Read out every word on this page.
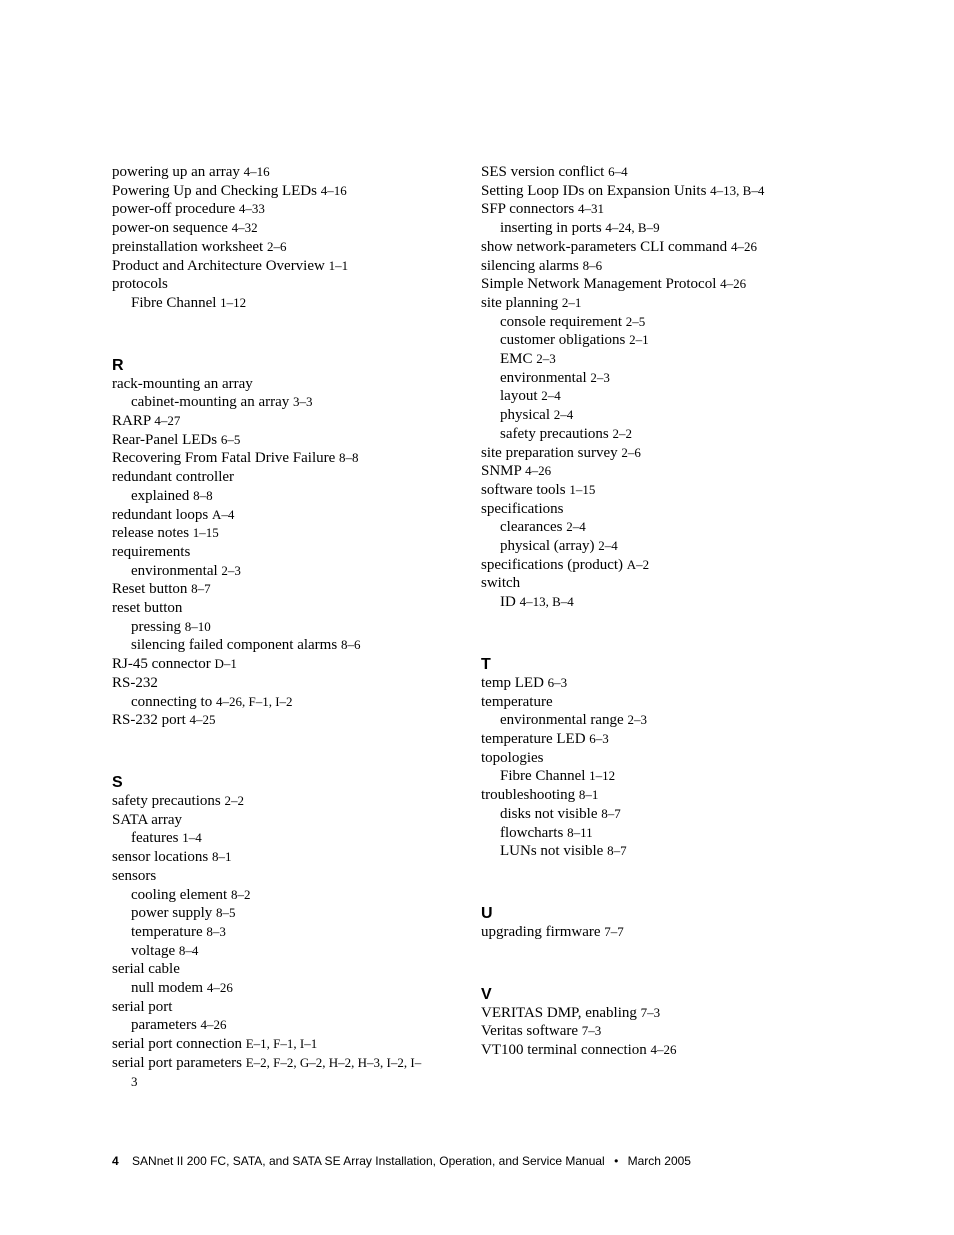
powering up an array 4–16
Powering Up and Checking LEDs 4–16
power-off procedure 4–33
power-on sequence 4–32
preinstallation worksheet 2–6
Product and Architecture Overview 1–1
protocols
Fibre Channel 1–12
R
rack-mounting an array
cabinet-mounting an array 3–3
RARP 4–27
Rear-Panel LEDs 6–5
Recovering From Fatal Drive Failure 8–8
redundant controller
explained 8–8
redundant loops A–4
release notes 1–15
requirements
environmental 2–3
Reset button 8–7
reset button
pressing 8–10
silencing failed component alarms 8–6
RJ-45 connector D–1
RS-232
connecting to 4–26, F–1, I–2
RS-232 port 4–25
S
safety precautions 2–2
SATA array
features 1–4
sensor locations 8–1
sensors
cooling element 8–2
power supply 8–5
temperature 8–3
voltage 8–4
serial cable
null modem 4–26
serial port
parameters 4–26
serial port connection E–1, F–1, I–1
serial port parameters E–2, F–2, G–2, H–2, H–3, I–2, I–
3
SES version conflict 6–4
Setting Loop IDs on Expansion Units 4–13, B–4
SFP connectors 4–31
inserting in ports 4–24, B–9
show network-parameters CLI command 4–26
silencing alarms 8–6
Simple Network Management Protocol 4–26
site planning 2–1
console requirement 2–5
customer obligations 2–1
EMC 2–3
environmental 2–3
layout 2–4
physical 2–4
safety precautions 2–2
site preparation survey 2–6
SNMP 4–26
software tools 1–15
specifications
clearances 2–4
physical (array) 2–4
specifications (product) A–2
switch
ID 4–13, B–4
T
temp LED 6–3
temperature
environmental range 2–3
temperature LED 6–3
topologies
Fibre Channel 1–12
troubleshooting 8–1
disks not visible 8–7
flowcharts 8–11
LUNs not visible 8–7
U
upgrading firmware 7–7
V
VERITAS DMP, enabling 7–3
Veritas software 7–3
VT100 terminal connection 4–26
4 SANnet II 200 FC, SATA, and SATA SE Array Installation, Operation, and Service Manual • March 2005
